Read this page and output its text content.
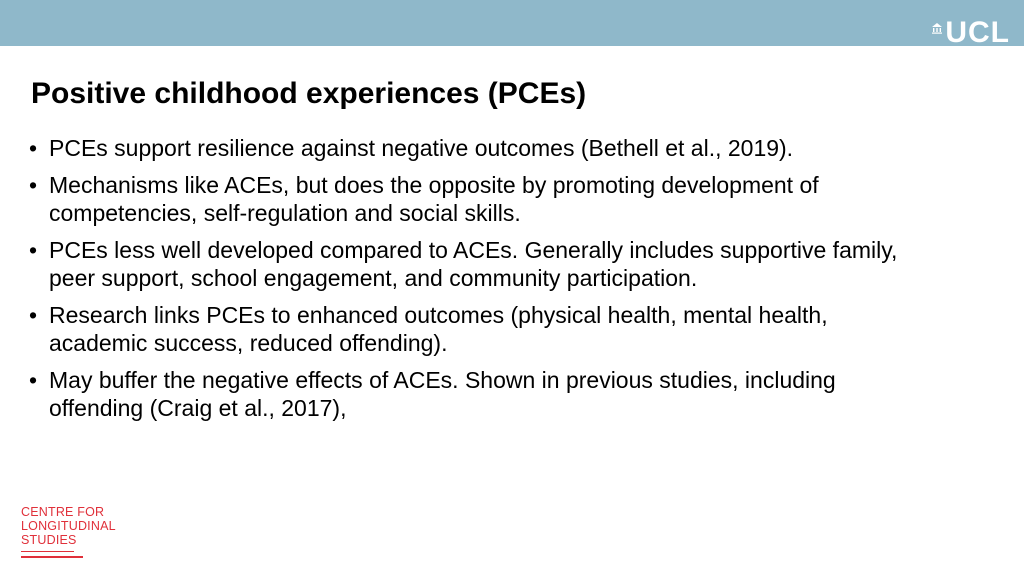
UCL
Positive childhood experiences (PCEs)
• PCEs support resilience against negative outcomes (Bethell et al., 2019).
• Mechanisms like ACEs, but does the opposite by promoting development of competencies, self-regulation and social skills.
• PCEs less well developed compared to ACEs. Generally includes supportive family, peer support, school engagement, and community participation.
• Research links PCEs to enhanced outcomes (physical health, mental health, academic success, reduced offending).
• May buffer the negative effects of ACEs. Shown in previous studies, including offending (Craig et al., 2017),
CENTRE FOR
LONGITUDINAL
STUDIES
